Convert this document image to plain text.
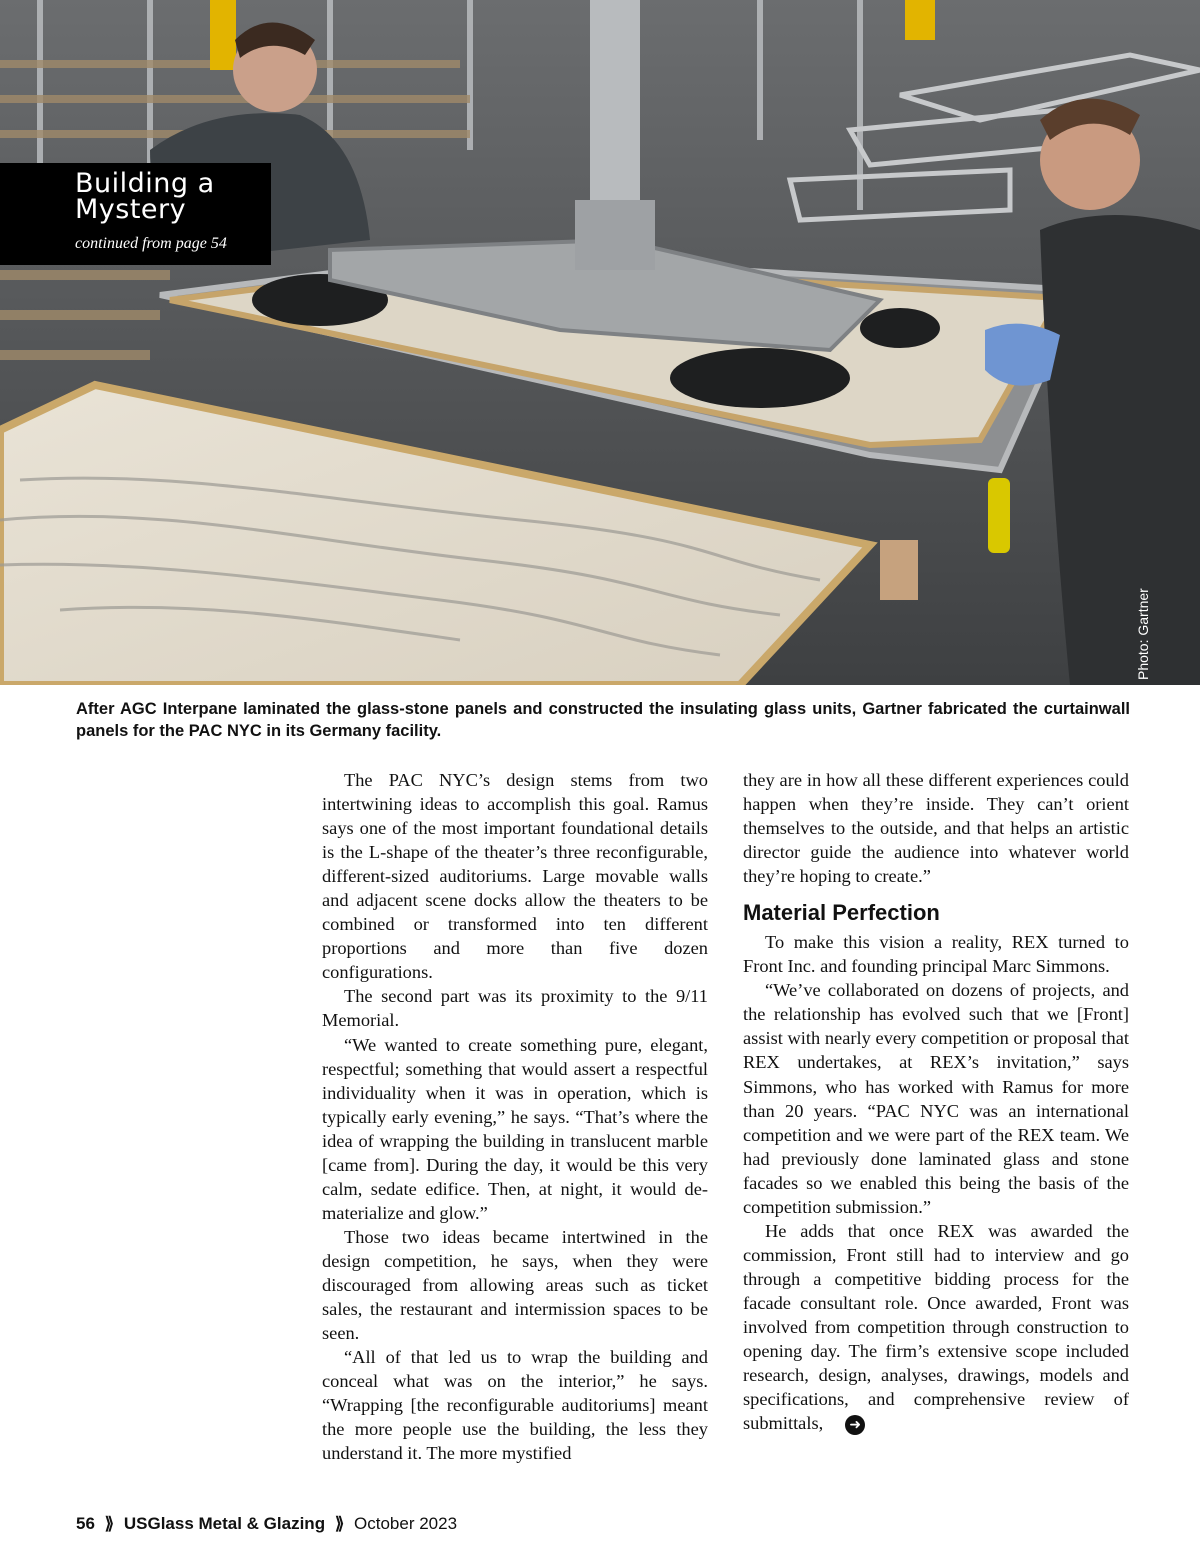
Photo: Gartner
Building a
Mystery
continued from page 54
After AGC Interpane laminated the glass-stone panels and constructed the insulating glass units, Gartner fabricated the curtainwall panels for the PAC NYC in its Germany facility.

The PAC NYC’s design stems from two intertwining ideas to accomplish this goal. Ramus says one of the most important foundational details is the L-shape of the theater’s three reconfigurable, different-sized auditoriums. Large movable walls and adjacent scene docks allow the theaters to be combined or transformed into ten different proportions and more than five dozen configurations.

The second part was its proximity to the 9/11 Memorial.

“We wanted to create something pure, elegant, respectful; something that would assert a respectful individuality when it was in operation, which is typically early evening,” he says. “That’s where the idea of wrapping the building in translucent marble [came from]. During the day, it would be this very calm, sedate edifice. Then, at night, it would de-materialize and glow.”

Those two ideas became intertwined in the design competition, he says, when they were discouraged from allowing areas such as ticket sales, the restaurant and intermission spaces to be seen.

“All of that led us to wrap the building and conceal what was on the interior,” he says. “Wrapping [the reconfigurable auditoriums] meant the more people use the building, the less they understand it. The more mystified

they are in how all these different experiences could happen when they’re inside. They can’t orient themselves to the outside, and that helps an artistic director guide the audience into whatever world they’re hoping to create.”

Material Perfection

To make this vision a reality, REX turned to Front Inc. and founding principal Marc Simmons.

“We’ve collaborated on dozens of projects, and the relationship has evolved such that we [Front] assist with nearly every competition or proposal that REX undertakes, at REX’s invitation,” says Simmons, who has worked with Ramus for more than 20 years. “PAC NYC was an international competition and we were part of the REX team. We had previously done laminated glass and stone facades so we enabled this being the basis of the competition submission.”

He adds that once REX was awarded the commission, Front still had to interview and go through a competitive bidding process for the facade consultant role. Once awarded, Front was involved from competition through construction to opening day. The firm’s extensive scope included research, design, analyses, drawings, models and specifications, and comprehensive review of submittals, ➜

56 ⟫ USGlass Metal & Glazing ⟫ October 2023
